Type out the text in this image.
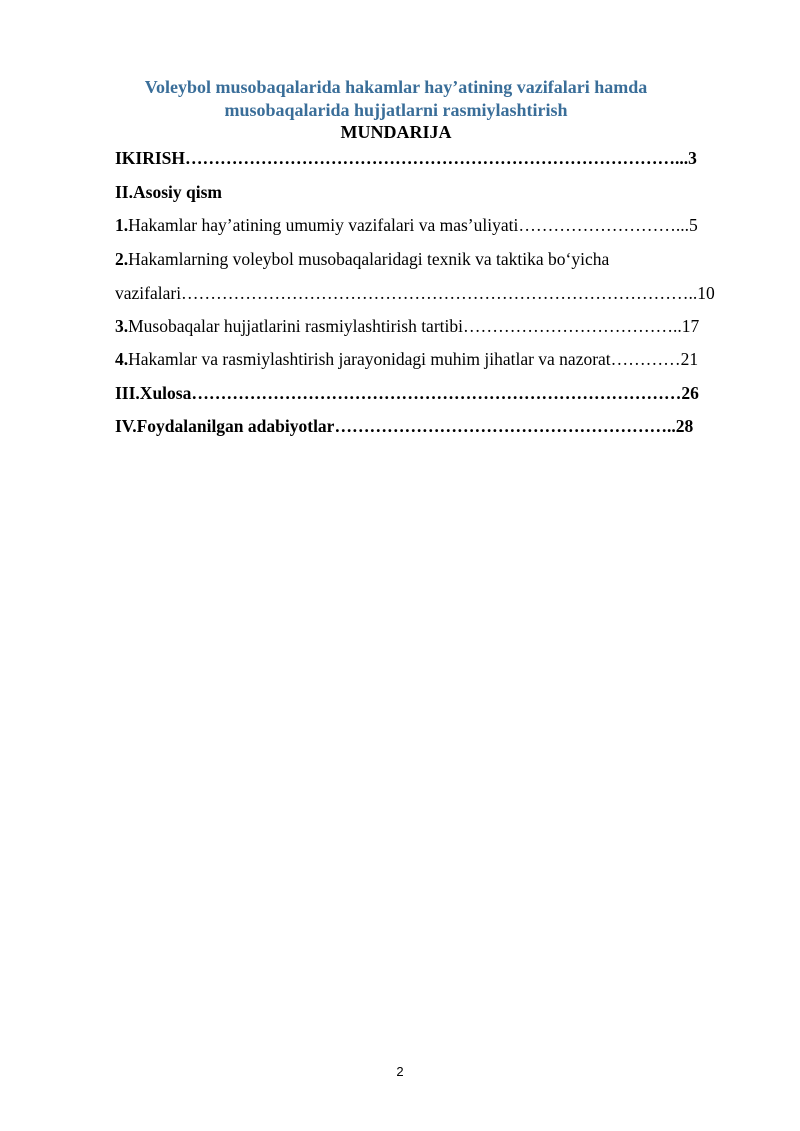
Voleybol musobaqalarida hakamlar hay’atining vazifalari hamda

musobaqalarida hujjatlarni rasmiylashtirish

MUNDARIJA

IKIRISH…………………………………………………………………………...3

II.Asosiy qism

1.Hakamlar hay’atining umumiy vazifalari va mas’uliyati………………………...5

2.Hakamlarning voleybol musobaqalaridagi texnik va taktika bo‘yicha

vazifalari……………………………………………………………………………..10

3.Musobaqalar hujjatlarini rasmiylashtirish tartibi………………………………..17

4.Hakamlar va rasmiylashtirish jarayonidagi muhim jihatlar va nazorat…………21

III.Xulosa…………………………………………………………………………26

IV.Foydalanilgan adabiyotlar…………………………………………………..28

2
